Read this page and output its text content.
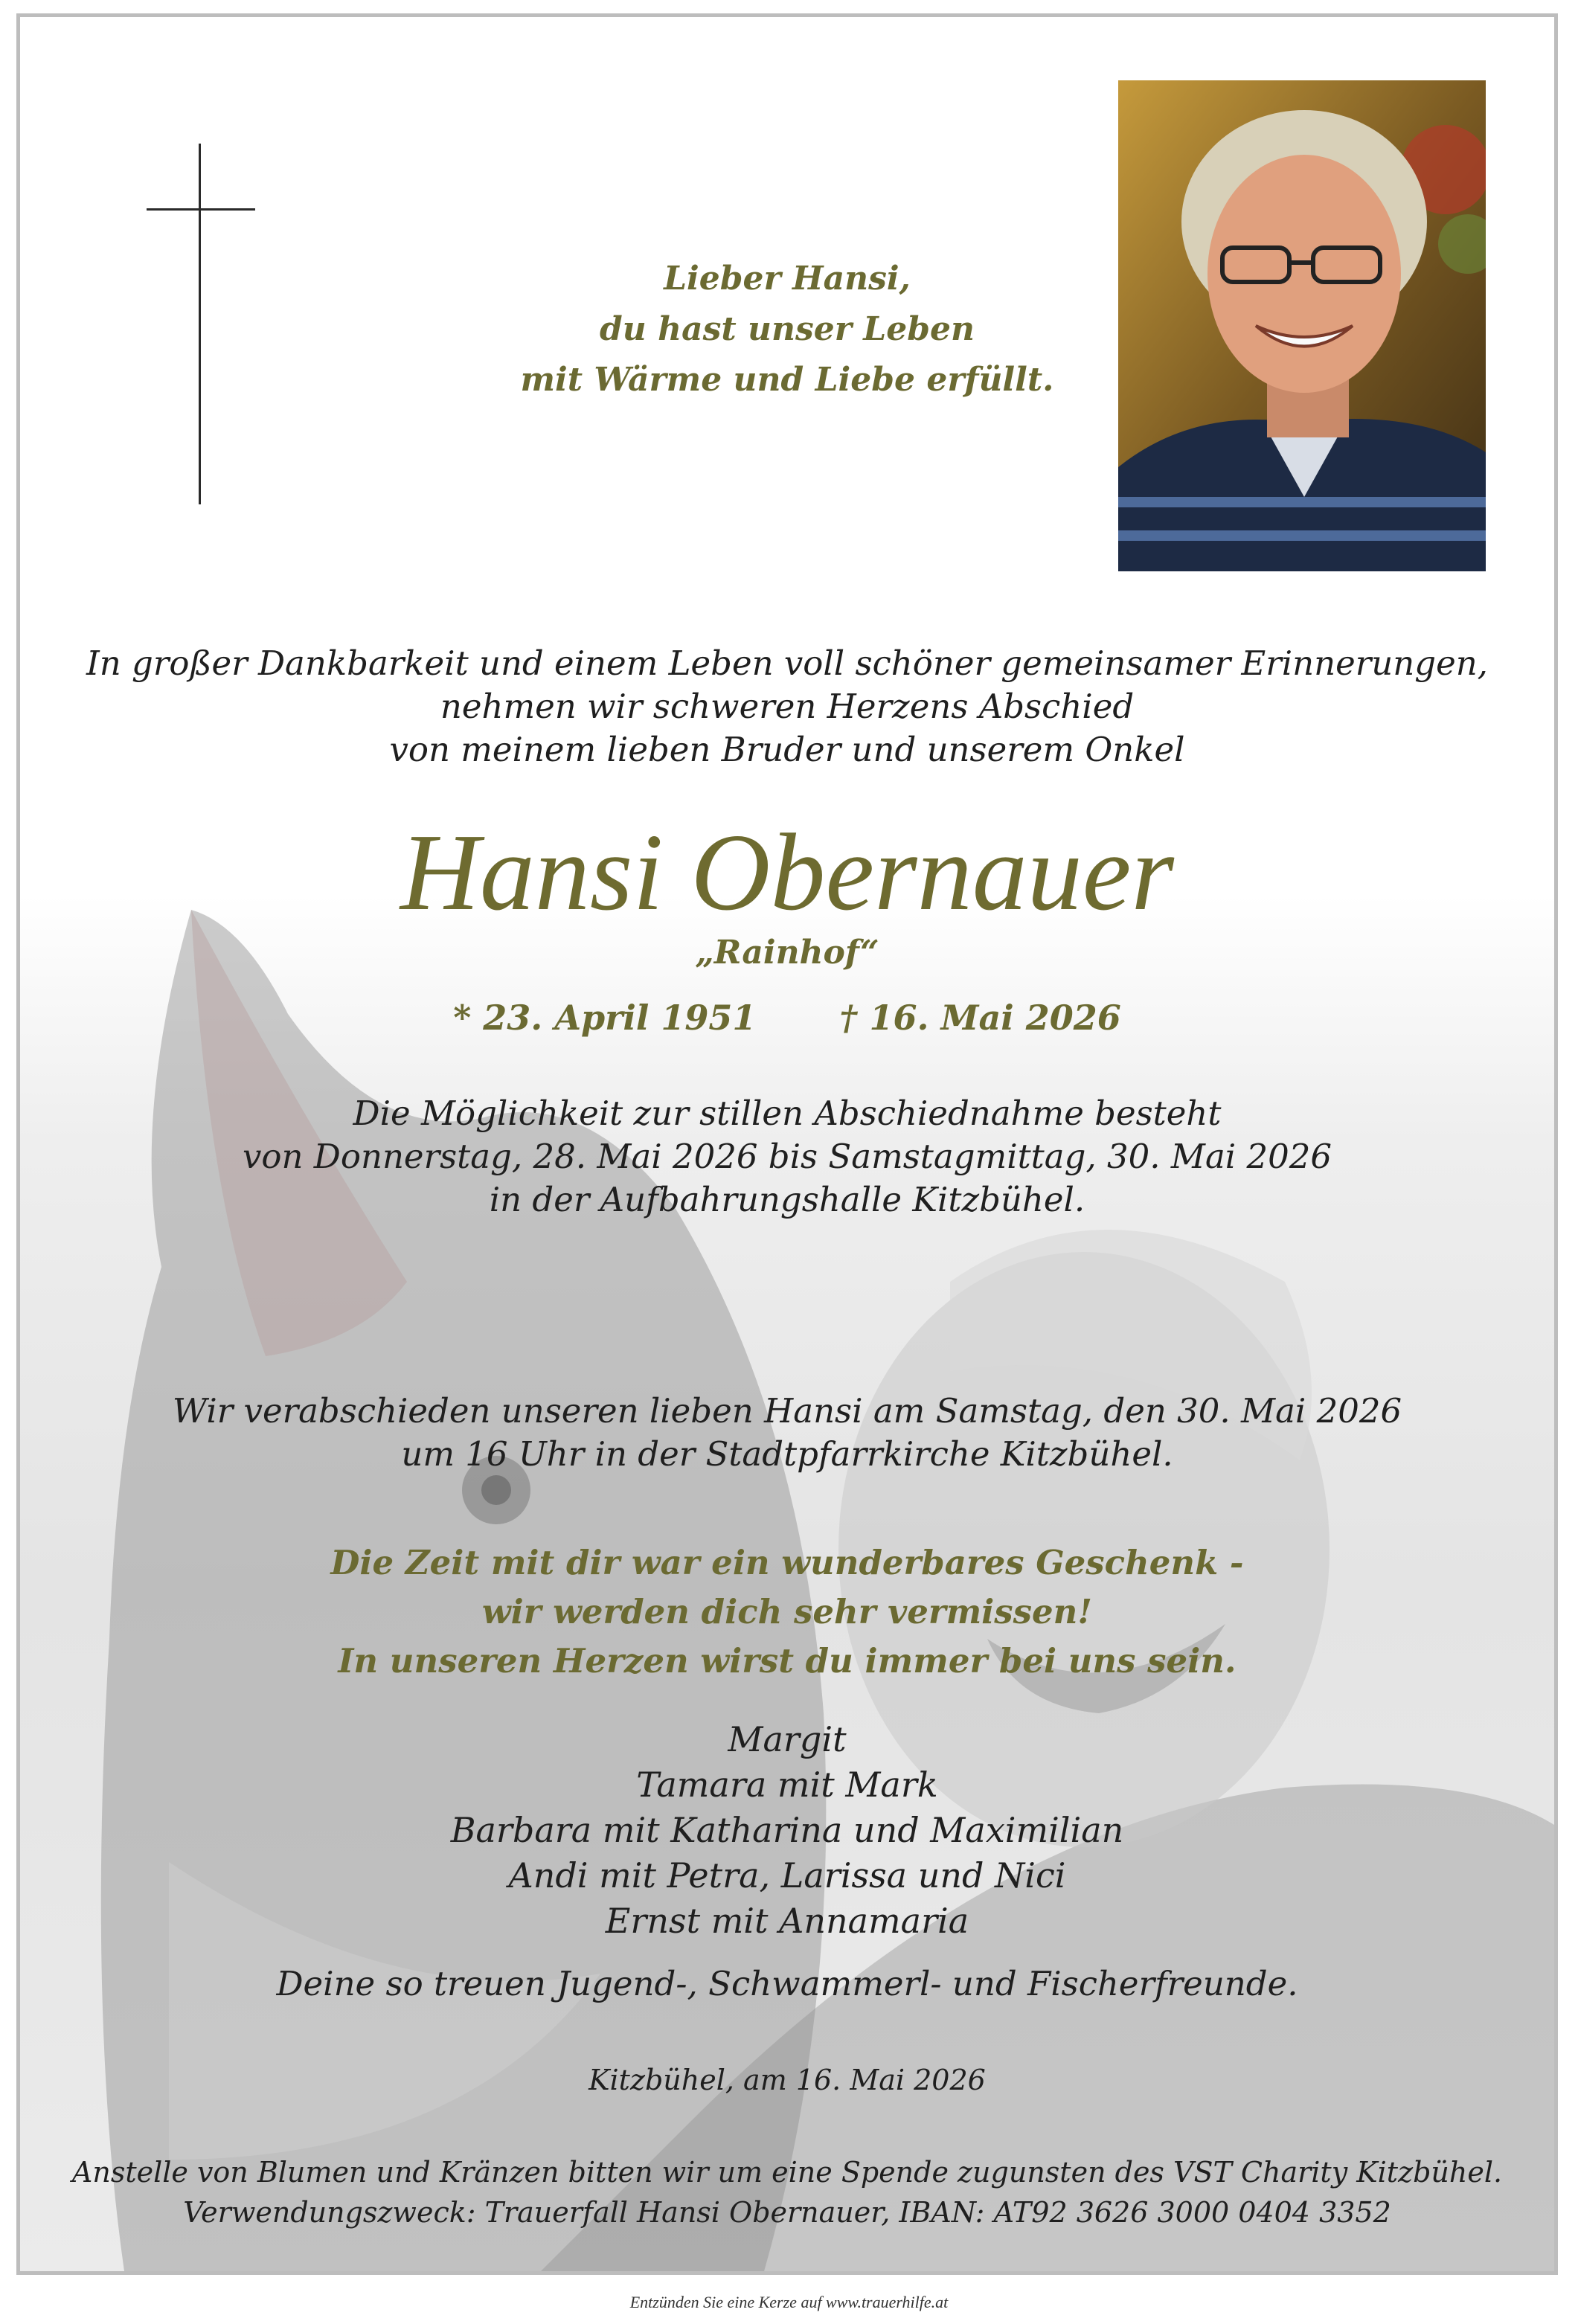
Lieber Hansi,
du hast unser Leben
mit Wärme und Liebe erfüllt.
In großer Dankbarkeit und einem Leben voll schöner gemeinsamer Erinnerungen,
nehmen wir schweren Herzens Abschied
von meinem lieben Bruder und unserem Onkel
Hansi Obernauer
„Rainhof“
* 23. April 1951 † 16. Mai 2026
Die Möglichkeit zur stillen Abschiednahme besteht
von Donnerstag, 28. Mai 2026 bis Samstagmittag, 30. Mai 2026
in der Aufbahrungshalle Kitzbühel.
Wir verabschieden unseren lieben Hansi am Samstag, den 30. Mai 2026
um 16 Uhr in der Stadtpfarrkirche Kitzbühel.
Die Zeit mit dir war ein wunderbares Geschenk -
wir werden dich sehr vermissen!
In unseren Herzen wirst du immer bei uns sein.
Margit
Tamara mit Mark
Barbara mit Katharina und Maximilian
Andi mit Petra, Larissa und Nici
Ernst mit Annamaria
Deine so treuen Jugend-, Schwammerl- und Fischerfreunde.
Kitzbühel, am 16. Mai 2026
Anstelle von Blumen und Kränzen bitten wir um eine Spende zugunsten des VST Charity Kitzbühel.
Verwendungszweck: Trauerfall Hansi Obernauer, IBAN: AT92 3626 3000 0404 3352
Entzünden Sie eine Kerze auf www.trauerhilfe.at
